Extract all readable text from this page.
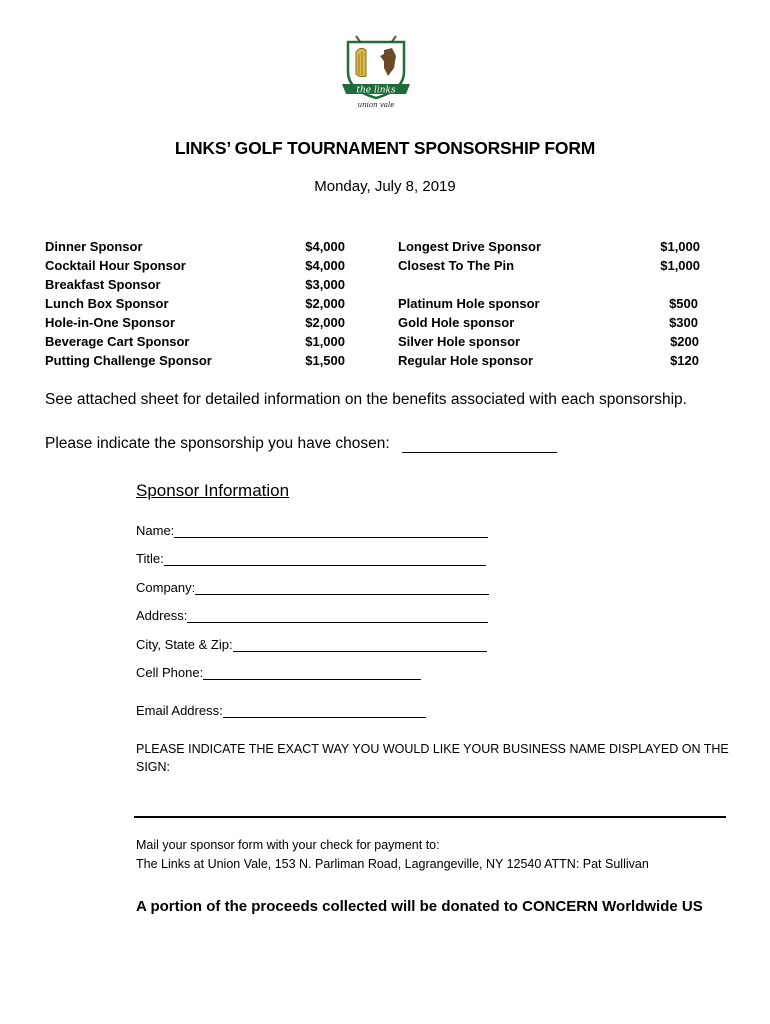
the links
union vale
LINKS’ GOLF TOURNAMENT SPONSORSHIP FORM
Monday, July 8, 2019
Dinner Sponsor	$4,000
Cocktail Hour Sponsor	$4,000
Breakfast Sponsor	$3,000
Lunch Box Sponsor	$2,000
Hole-in-One Sponsor	$2,000
Beverage Cart Sponsor	$1,000
Putting Challenge Sponsor	$1,500
Longest Drive Sponsor	$1,000
Closest To The Pin	$1,000
Platinum Hole sponsor	$500
Gold Hole sponsor	$300
Silver Hole sponsor	$200
Regular Hole sponsor	$120
See attached sheet for detailed information on the benefits associated with each sponsorship.
Please indicate the sponsorship you have chosen:
Sponsor Information
Name:
Title:
Company:
Address:
City, State & Zip:
Cell Phone:
Email Address:
PLEASE INDICATE THE EXACT WAY YOU WOULD LIKE YOUR BUSINESS NAME DISPLAYED ON THE SIGN:
Mail your sponsor form with your check for payment to:
The Links at Union Vale, 153 N. Parliman Road, Lagrangeville, NY 12540 ATTN: Pat Sullivan
A portion of the proceeds collected will be donated to CONCERN Worldwide US
